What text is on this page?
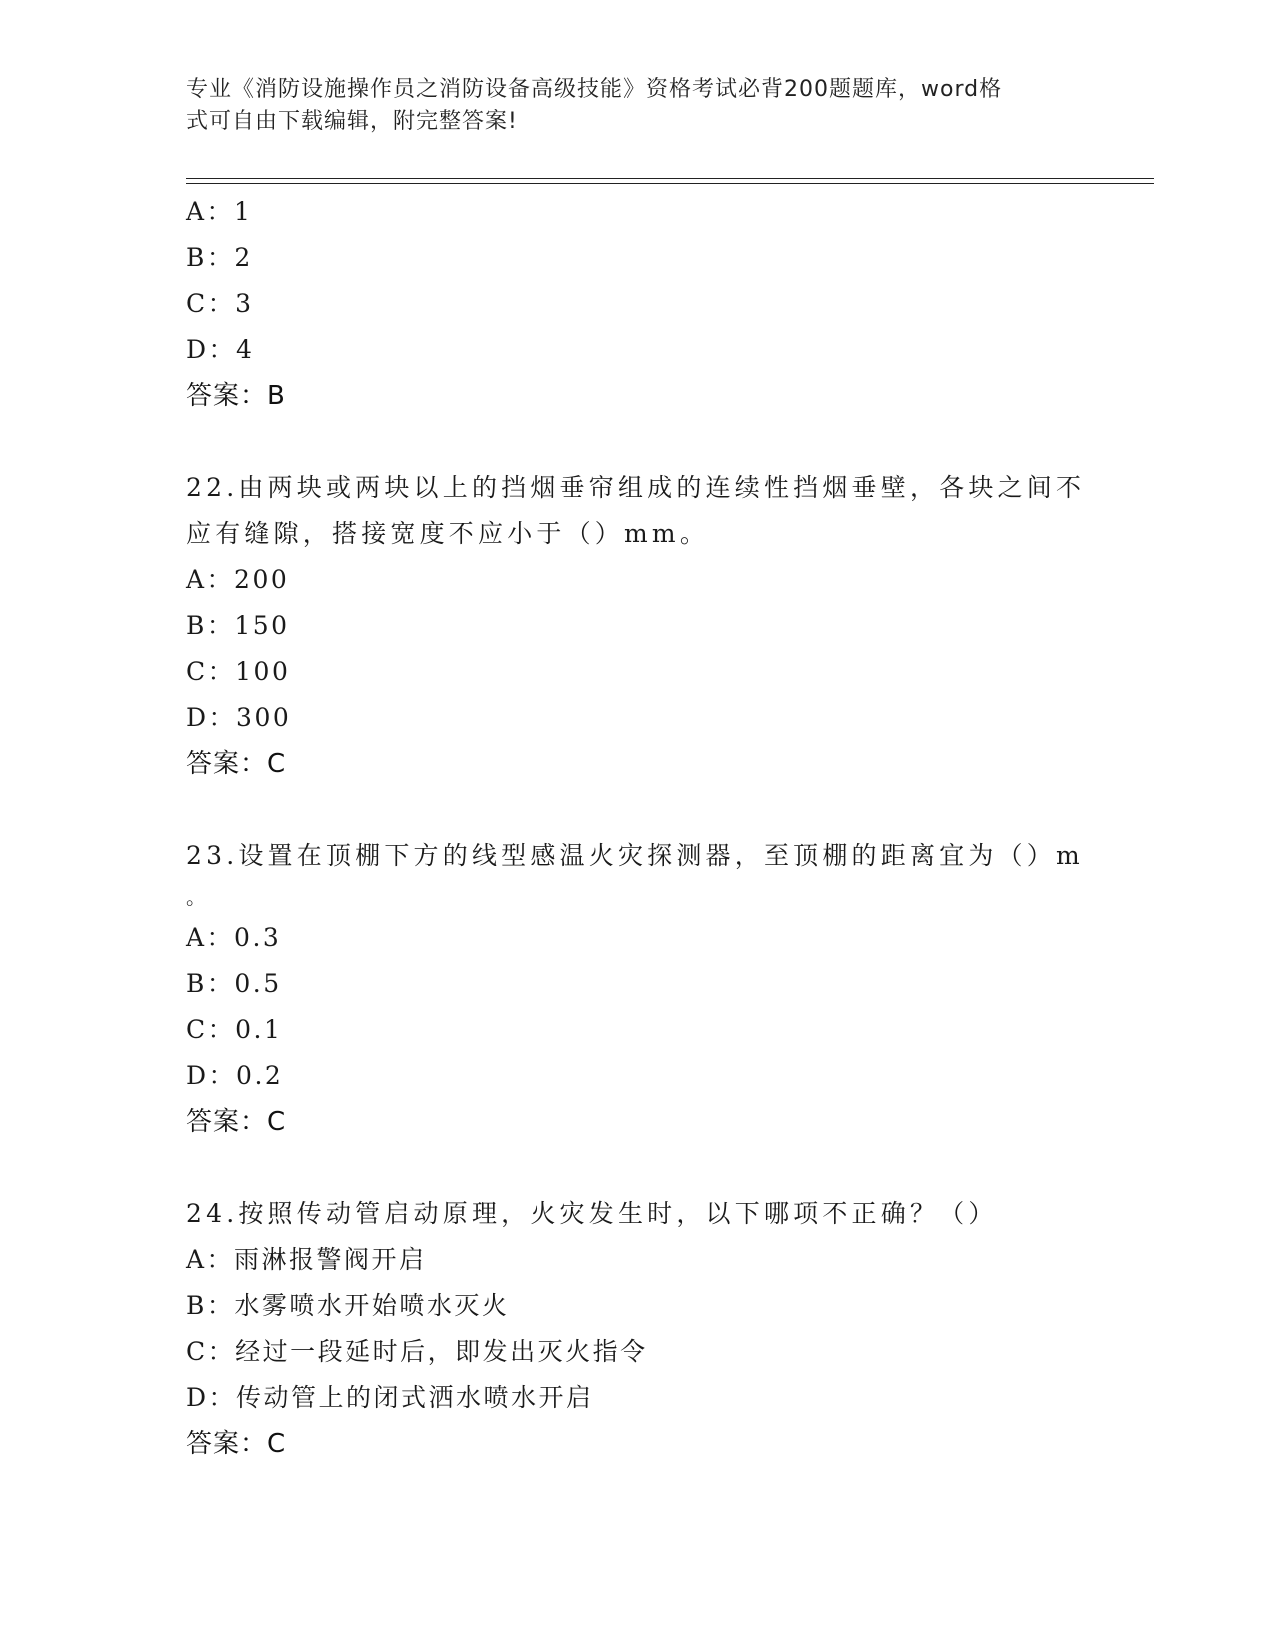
专业《消防设施操作员之消防设备高级技能》资格考试必背200题题库，word格
式可自由下载编辑，附完整答案!
A：1
B：2
C：3
D：4
答案：B
22.由两块或两块以上的挡烟垂帘组成的连续性挡烟垂壁，各块之间不
应有缝隙，搭接宽度不应小于（）mm。
A：200
B：150
C：100
D：300
答案：C
23.设置在顶棚下方的线型感温火灾探测器，至顶棚的距离宜为（）m
。
A：0.3
B：0.5
C：0.1
D：0.2
答案：C
24.按照传动管启动原理，火灾发生时，以下哪项不正确？（）
A：雨淋报警阀开启
B：水雾喷水开始喷水灭火
C：经过一段延时后，即发出灭火指令
D：传动管上的闭式洒水喷水开启
答案：C
